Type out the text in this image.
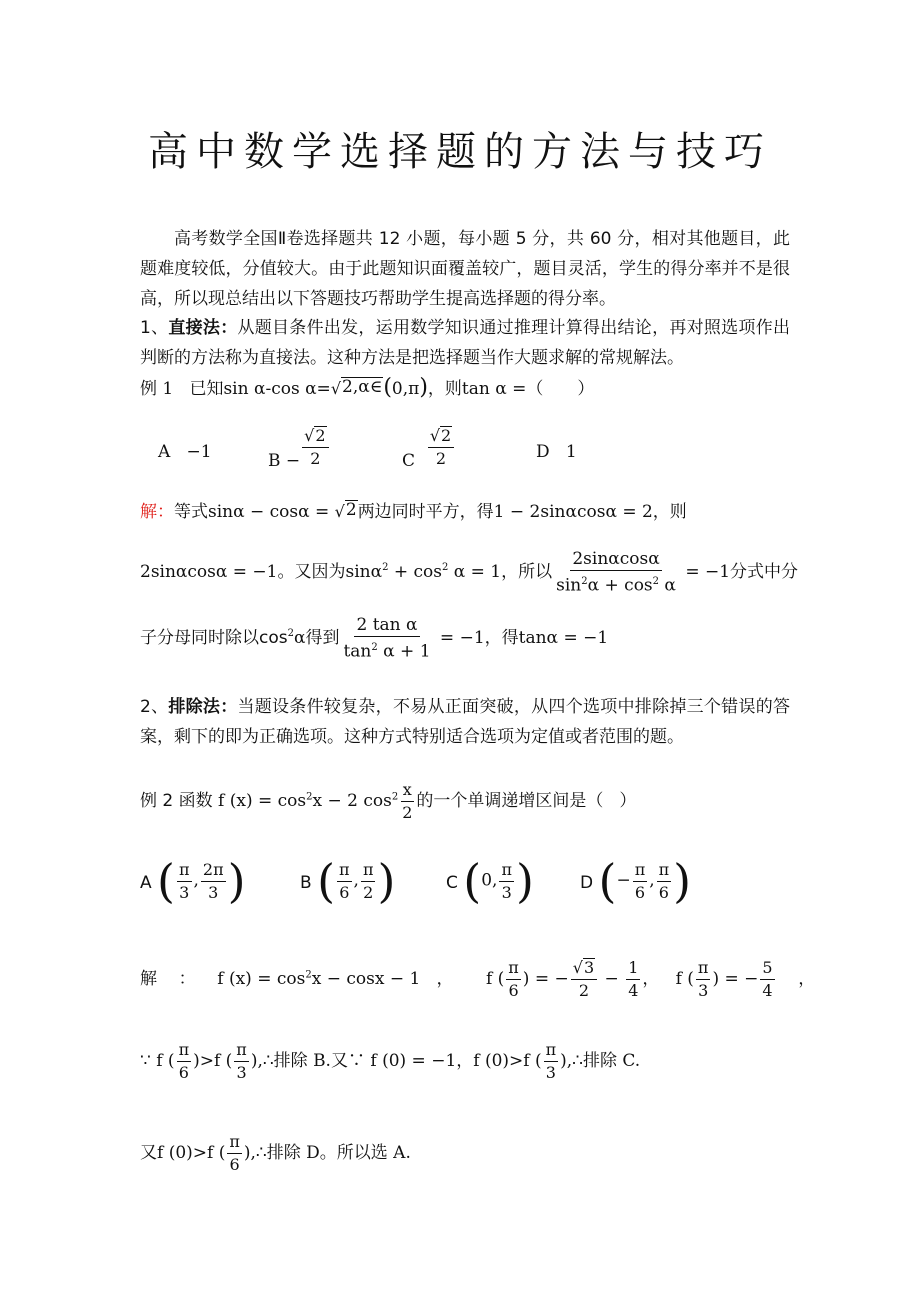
高中数学选择题的方法与技巧
高考数学全国Ⅱ卷选择题共 12 小题，每小题 5 分，共 60 分，相对其他题目，此题难度较低，分值较大。由于此题知识面覆盖较广，题目灵活，学生的得分率并不是很高，所以现总结出以下答题技巧帮助学生提高选择题的得分率。
1、直接法：从题目条件出发，运用数学知识通过推理计算得出结论，再对照选项作出判断的方法称为直接法。这种方法是把选择题当作大题求解的常规解法。
例 1 已知sin α-cos α= √ 2,α∈ (0,π)，则tan α =（ ）
A −1	$B - \frac{√ 2}{2}$	C $\frac{√ 2}{2}$	D 1
解：等式sinα − cosα = √ 2 两边同时平方，得1 − 2sinαcosα = 2，则
2sinαcosα = −1。又因为$\sin\alpha^2 + \cos^2 \alpha = 1$，所以 $\frac{2\sin\alpha\cos\alpha}{\sin^2\alpha + \cos^2 \alpha} = -1$分式中分
子分母同时除以$\cos^2\alpha$得到 $\frac{\text{2 tan α}}{\tan^2 \alpha + 1} = -1$，得tanα = −1
2、排除法：当题设条件较复杂，不易从正面突破，从四个选项中排除掉三个错误的答案，剩下的即为正确选项。这种方式特别适合选项为定值或者范围的题。
例 2 函数 f $(x) = \cos^2x - 2$ $\cos^2 \frac{x}{2}$ 的一个单调递增区间是（ ）
A ( $\frac{\pi}{3}$ , $\frac{2\pi}{3}$ )	B ( $\frac{\pi}{6}$ , $\frac{\pi}{2}$ )	C (0, $\frac{\pi}{3}$ )	D (− $\frac{\pi}{6}$ , $\frac{\pi}{6}$ )
解 ： f $(x) = \cos^2x - \cos x - 1$ ， f ( $\frac{\pi}{6}$ ) = − $\frac{√ 3}{2} - \frac{1}{4}$ ， f ( $\frac{\pi}{3}$ ) = − $\frac{5}{4}$ ，
∵ f ( $\frac{\pi}{6} )>f$ ( $\frac{\pi}{3}$ ),∴排除 B.又∵ f (0) = −1，f (0)>f ( $\frac{\pi}{3}$ ),∴排除 C.
又f (0)>f ( $\frac{\pi}{6}$ ),∴排除 D。所以选 A.
